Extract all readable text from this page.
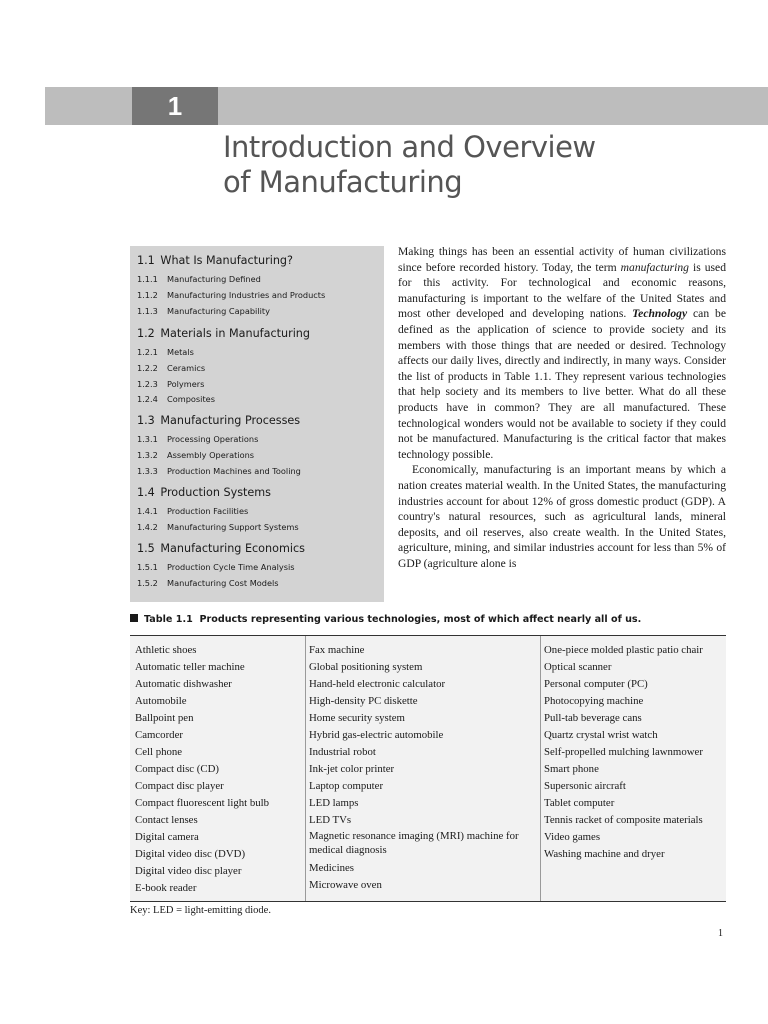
1
Introduction and Overview
of Manufacturing
1.1  What Is Manufacturing?
1.1.1 Manufacturing Defined
1.1.2 Manufacturing Industries and Products
1.1.3 Manufacturing Capability
1.2  Materials in Manufacturing
1.2.1 Metals
1.2.2 Ceramics
1.2.3 Polymers
1.2.4 Composites
1.3  Manufacturing Processes
1.3.1 Processing Operations
1.3.2 Assembly Operations
1.3.3 Production Machines and Tooling
1.4  Production Systems
1.4.1 Production Facilities
1.4.2 Manufacturing Support Systems
1.5  Manufacturing Economics
1.5.1 Production Cycle Time Analysis
1.5.2 Manufacturing Cost Models

Making things has been an essential activity of human civilizations since before recorded history. Today, the term manufacturing is used for this activity. For technological and economic reasons, manufacturing is important to the welfare of the United States and most other developed and developing nations. Technology can be defined as the application of science to provide society and its members with those things that are needed or desired. Technology affects our daily lives, directly and indirectly, in many ways. Consider the list of products in Table 1.1. They represent various technologies that help society and its members to live better. What do all these products have in common? They are all manufactured. These technological wonders would not be available to society if they could not be manufactured. Manufacturing is the critical factor that makes technology possible.

Economically, manufacturing is an important means by which a nation creates material wealth. In the United States, the manufacturing industries account for about 12% of gross domestic product (GDP). A country's natural resources, such as agricultural lands, mineral deposits, and oil reserves, also create wealth. In the United States, agriculture, mining, and similar industries account for less than 5% of GDP (agriculture alone is

Table 1.1 Products representing various technologies, most of which affect nearly all of us.
Athletic shoes
Automatic teller machine
Automatic dishwasher
Automobile
Ballpoint pen
Camcorder
Cell phone
Compact disc (CD)
Compact disc player
Compact fluorescent light bulb
Contact lenses
Digital camera
Digital video disc (DVD)
Digital video disc player
E-book reader
Fax machine
Global positioning system
Hand-held electronic calculator
High-density PC diskette
Home security system
Hybrid gas-electric automobile
Industrial robot
Ink-jet color printer
Laptop computer
LED lamps
LED TVs
Magnetic resonance imaging (MRI) machine for medical diagnosis
Medicines
Microwave oven
One-piece molded plastic patio chair
Optical scanner
Personal computer (PC)
Photocopying machine
Pull-tab beverage cans
Quartz crystal wrist watch
Self-propelled mulching lawnmower
Smart phone
Supersonic aircraft
Tablet computer
Tennis racket of composite materials
Video games
Washing machine and dryer
Key: LED = light-emitting diode.
1
